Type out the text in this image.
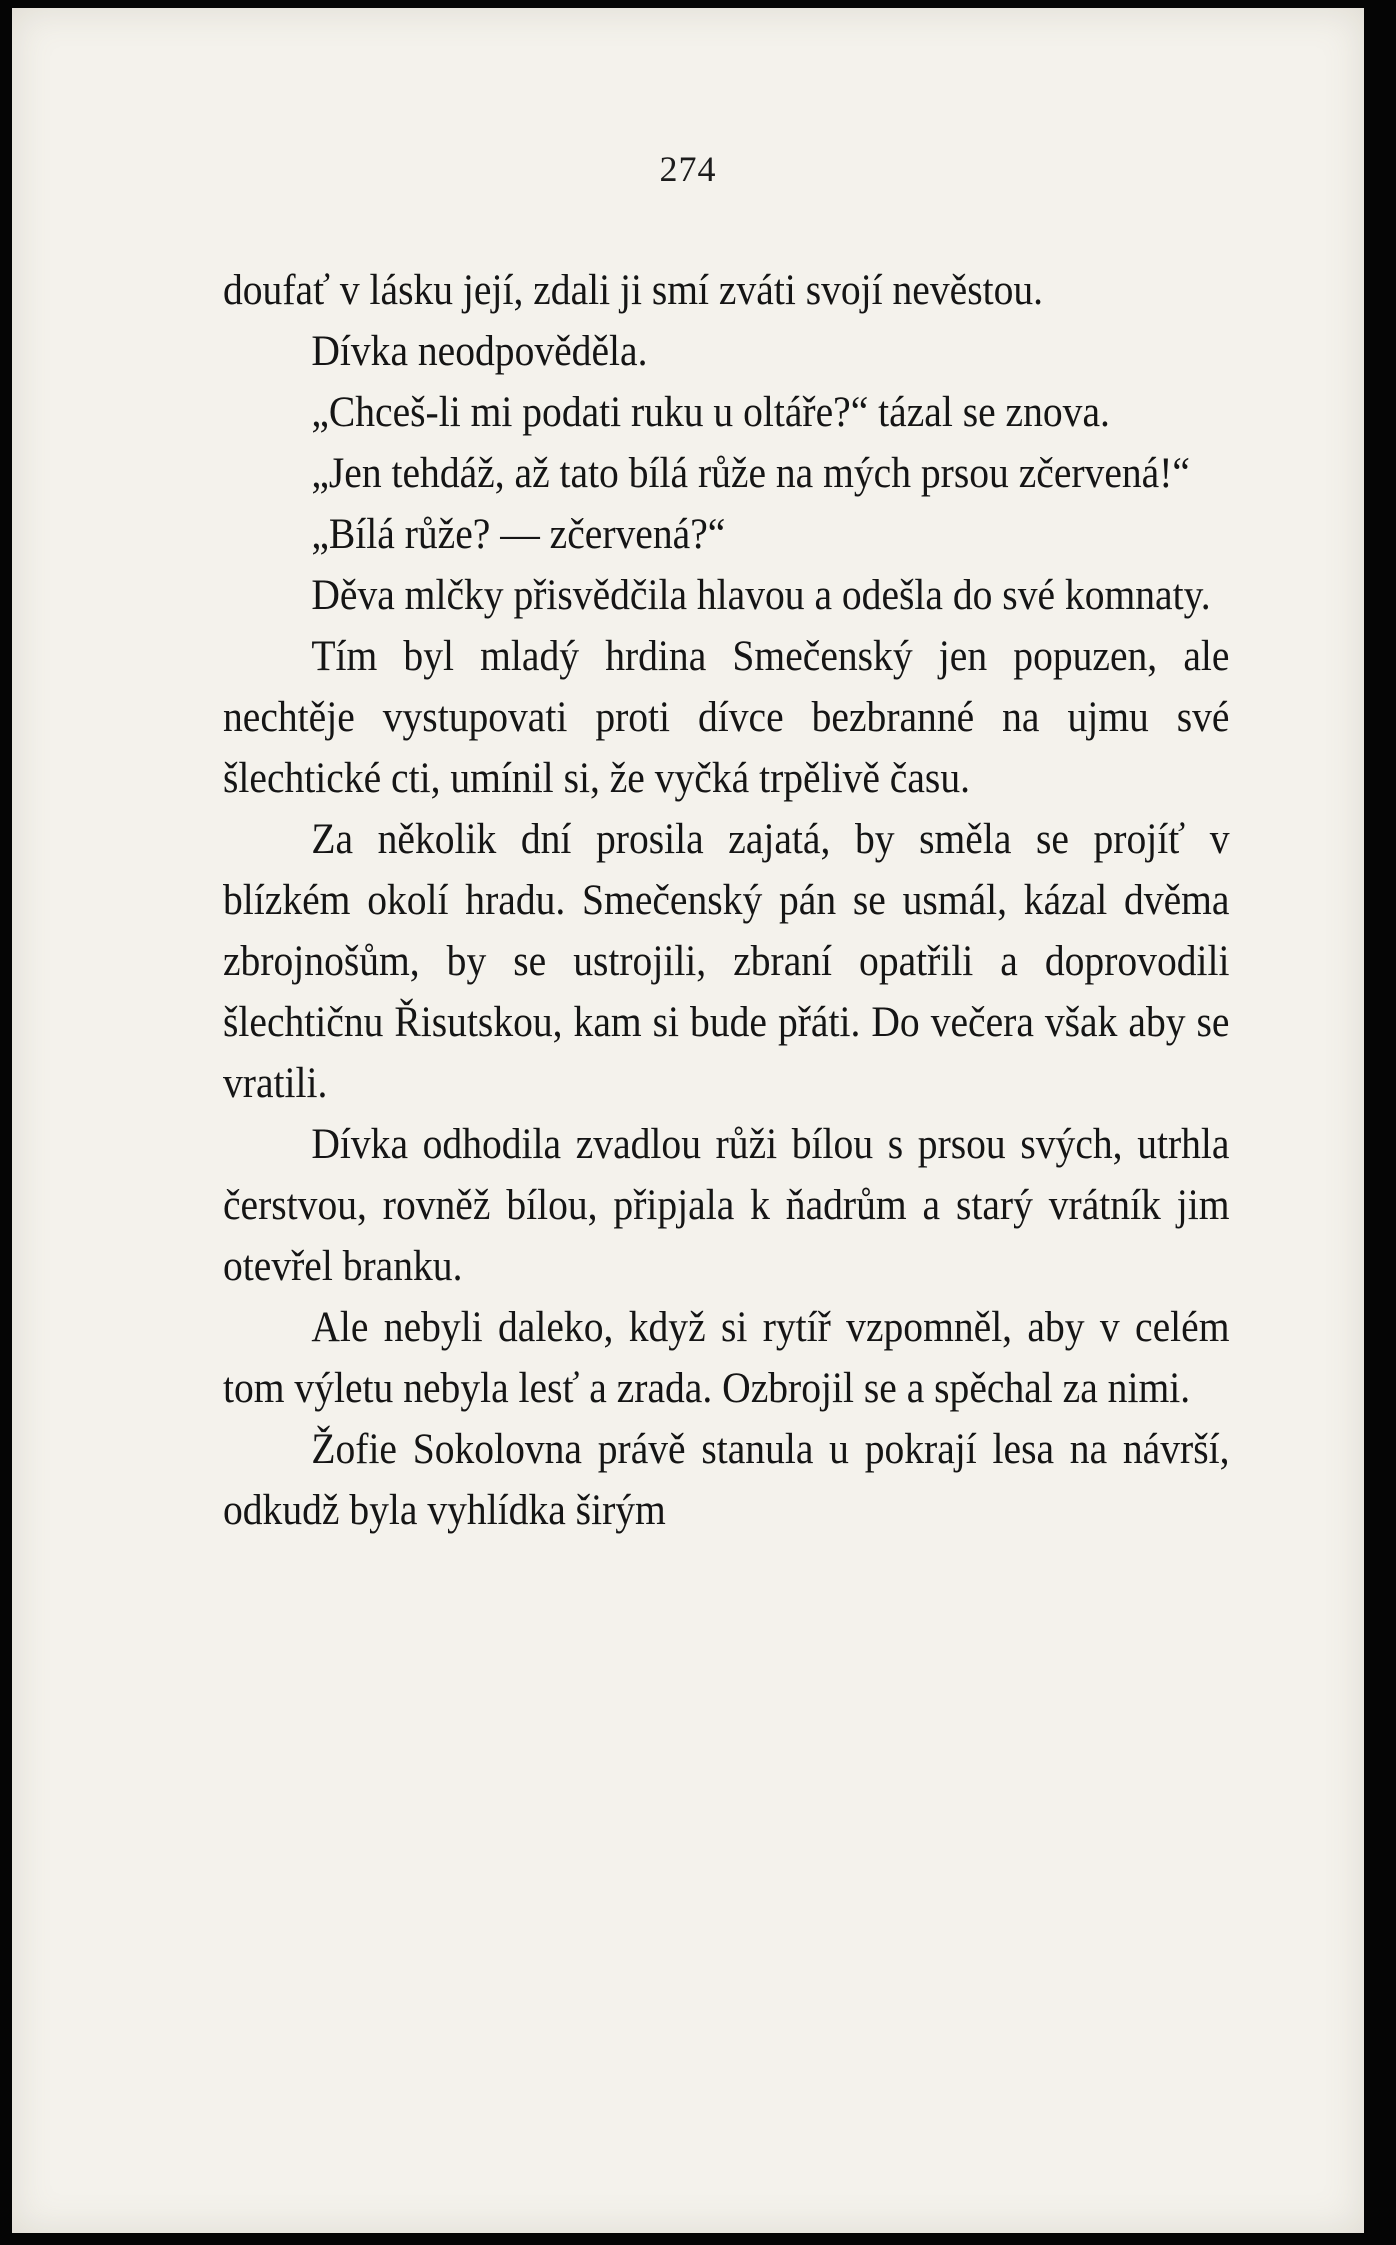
274

doufať v lásku její, zdali ji smí zváti svojí nevěstou.

Dívka neodpověděla.

„Chceš-li mi podati ruku u oltáře?“ tázal se znova.

„Jen tehdáž, až tato bílá růže na mých prsou zčervená!“

„Bílá růže? — zčervená?“

Děva mlčky přisvědčila hlavou a odešla do své komnaty.

Tím byl mladý hrdina Smečenský jen popuzen, ale nechtěje vystupovati proti dívce bezbranné na ujmu své šlechtické cti, umínil si, že vyčká trpělivě času.

Za několik dní prosila zajatá, by směla se projíť v blízkém okolí hradu. Smečenský pán se usmál, kázal dvěma zbrojnošům, by se ustrojili, zbraní opatřili a doprovodili šlechtičnu Řisutskou, kam si bude přáti. Do večera však aby se vratili.

Dívka odhodila zvadlou růži bílou s prsou svých, utrhla čerstvou, rovněž bílou, připjala k ňadrům a starý vrátník jim otevřel branku.

Ale nebyli daleko, když si rytíř vzpomněl, aby v celém tom výletu nebyla lesť a zrada. Ozbrojil se a spěchal za nimi.

Žofie Sokolovna právě stanula u pokrají lesa na návrší, odkudž byla vyhlídka širým
